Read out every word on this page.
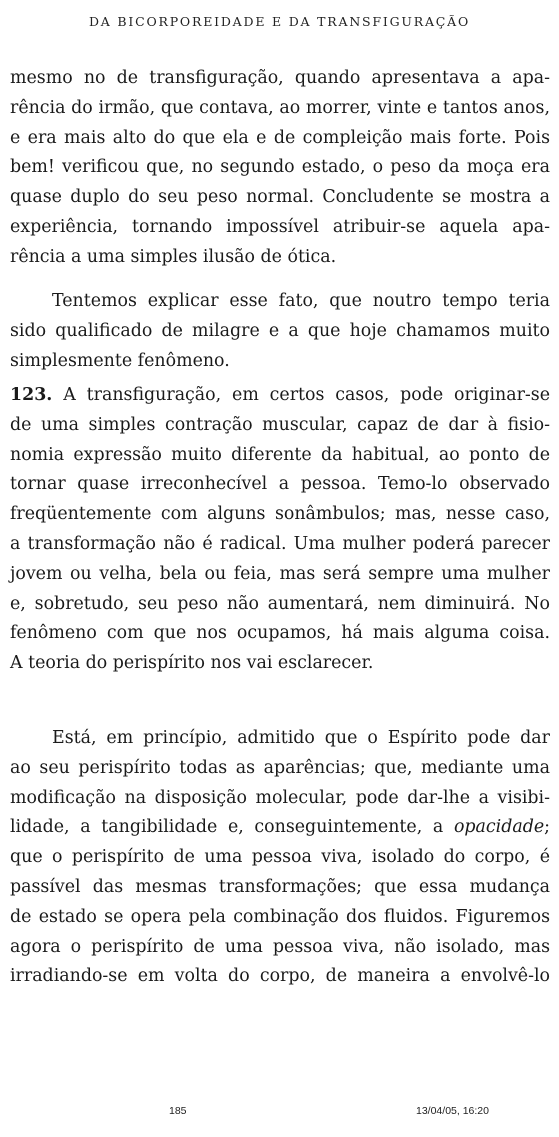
DA BICORPOREIDADE E DA TRANSFIGURAÇÃO
mesmo no de transfiguração, quando apresentava a apa-
rência do irmão, que contava, ao morrer, vinte e tantos anos,
e era mais alto do que ela e de compleição mais forte. Pois
bem! verificou que, no segundo estado, o peso da moça era
quase duplo do seu peso normal. Concludente se mostra a
experiência, tornando impossível atribuir-se aquela apa-
rência a uma simples ilusão de ótica.
Tentemos explicar esse fato, que noutro tempo teria
sido qualificado de milagre e a que hoje chamamos muito
simplesmente fenômeno.
123. A transfiguração, em certos casos, pode originar-se
de uma simples contração muscular, capaz de dar à fisio-
nomia expressão muito diferente da habitual, ao ponto de
tornar quase irreconhecível a pessoa. Temo-lo observado
freqüentemente com alguns sonâmbulos; mas, nesse caso,
a transformação não é radical. Uma mulher poderá parecer
jovem ou velha, bela ou feia, mas será sempre uma mulher
e, sobretudo, seu peso não aumentará, nem diminuirá. No
fenômeno com que nos ocupamos, há mais alguma coisa.
A teoria do perispírito nos vai esclarecer.
Está, em princípio, admitido que o Espírito pode dar
ao seu perispírito todas as aparências; que, mediante uma
modificação na disposição molecular, pode dar-lhe a visibi-
lidade, a tangibilidade e, conseguintemente, a opacidade;
que o perispírito de uma pessoa viva, isolado do corpo, é
passível das mesmas transformações; que essa mudança
de estado se opera pela combinação dos fluidos. Figuremos
agora o perispírito de uma pessoa viva, não isolado, mas
irradiando-se em volta do corpo, de maneira a envolvê-lo
185	13/04/05, 16:20
